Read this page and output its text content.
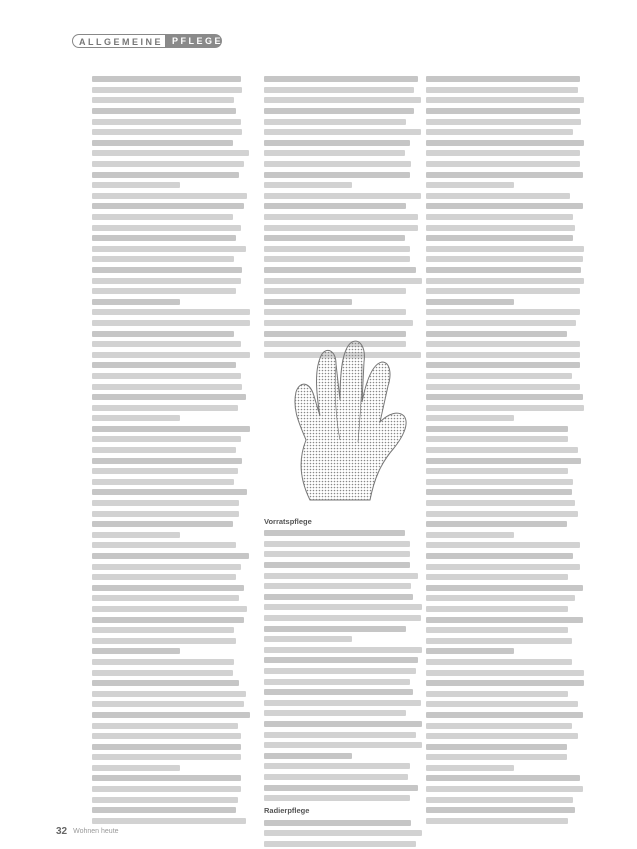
ALLGEMEINE PFLEGE
Vorratspflege
Radierpflege
32 Wohnen heute
